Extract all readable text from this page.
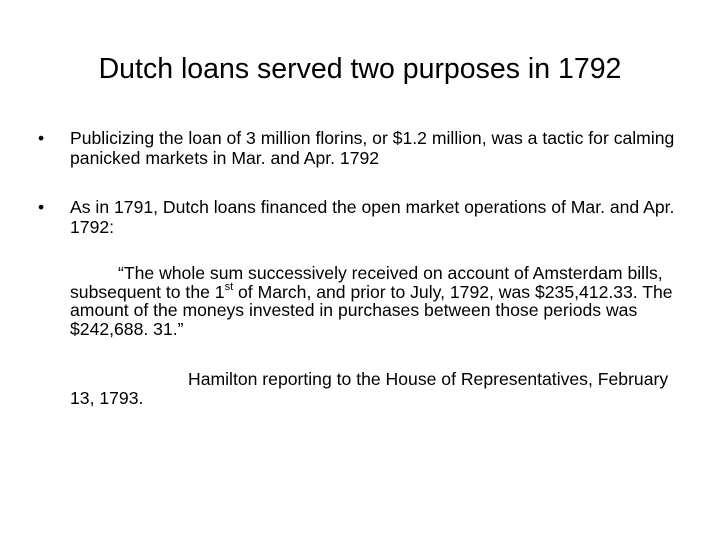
Dutch loans served two purposes in 1792
• Publicizing the loan of 3 million florins, or $1.2 million, was a tactic for calming panicked markets in Mar. and Apr. 1792
• As in 1791, Dutch loans financed the open market operations of Mar. and Apr. 1792:
“The whole sum successively received on account of Amsterdam bills, subsequent to the 1st of March, and prior to July, 1792, was $235,412.33. The amount of the moneys invested in purchases between those periods was $242,688. 31.”
Hamilton reporting to the House of Representatives, February 13, 1793.
